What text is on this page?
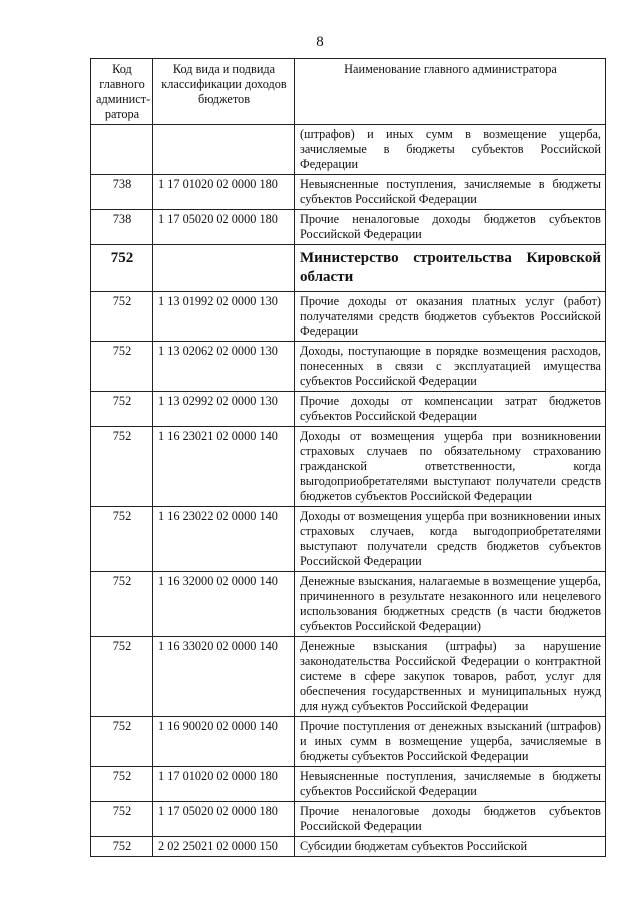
8
Код главного админист-ратора	Код вида и подвида классификации доходов бюджетов	Наименование главного администратора
		(штрафов) и иных сумм в возмещение ущерба, зачисляемые в бюджеты субъектов Российской Федерации
738	1 17 01020 02 0000 180	Невыясненные поступления, зачисляемые в бюджеты субъектов Российской Федерации
738	1 17 05020 02 0000 180	Прочие неналоговые доходы бюджетов субъектов Российской Федерации
752		Министерство строительства Кировской области
752	1 13 01992 02 0000 130	Прочие доходы от оказания платных услуг (работ) получателями средств бюджетов субъектов Российской Федерации
752	1 13 02062 02 0000 130	Доходы, поступающие в порядке возмещения расходов, понесенных в связи с эксплуатацией имущества субъектов Российской Федерации
752	1 13 02992 02 0000 130	Прочие доходы от компенсации затрат бюджетов субъектов Российской Федерации
752	1 16 23021 02 0000 140	Доходы от возмещения ущерба при возникновении страховых случаев по обязательному страхованию гражданской ответственности, когда выгодоприобретателями выступают получатели средств бюджетов субъектов Российской Федерации
752	1 16 23022 02 0000 140	Доходы от возмещения ущерба при возникновении иных страховых случаев, когда выгодоприобретателями выступают получатели средств бюджетов субъектов Российской Федерации
752	1 16 32000 02 0000 140	Денежные взыскания, налагаемые в возмещение ущерба, причиненного в результате незаконного или нецелевого использования бюджетных средств (в части бюджетов субъектов Российской Федерации)
752	1 16 33020 02 0000 140	Денежные взыскания (штрафы) за нарушение законодательства Российской Федерации о контрактной системе в сфере закупок товаров, работ, услуг для обеспечения государственных и муниципальных нужд для нужд субъектов Российской Федерации
752	1 16 90020 02 0000 140	Прочие поступления от денежных взысканий (штрафов) и иных сумм в возмещение ущерба, зачисляемые в бюджеты субъектов Российской Федерации
752	1 17 01020 02 0000 180	Невыясненные поступления, зачисляемые в бюджеты субъектов Российской Федерации
752	1 17 05020 02 0000 180	Прочие неналоговые доходы бюджетов субъектов Российской Федерации
752	2 02 25021 02 0000 150	Субсидии бюджетам субъектов Российской
